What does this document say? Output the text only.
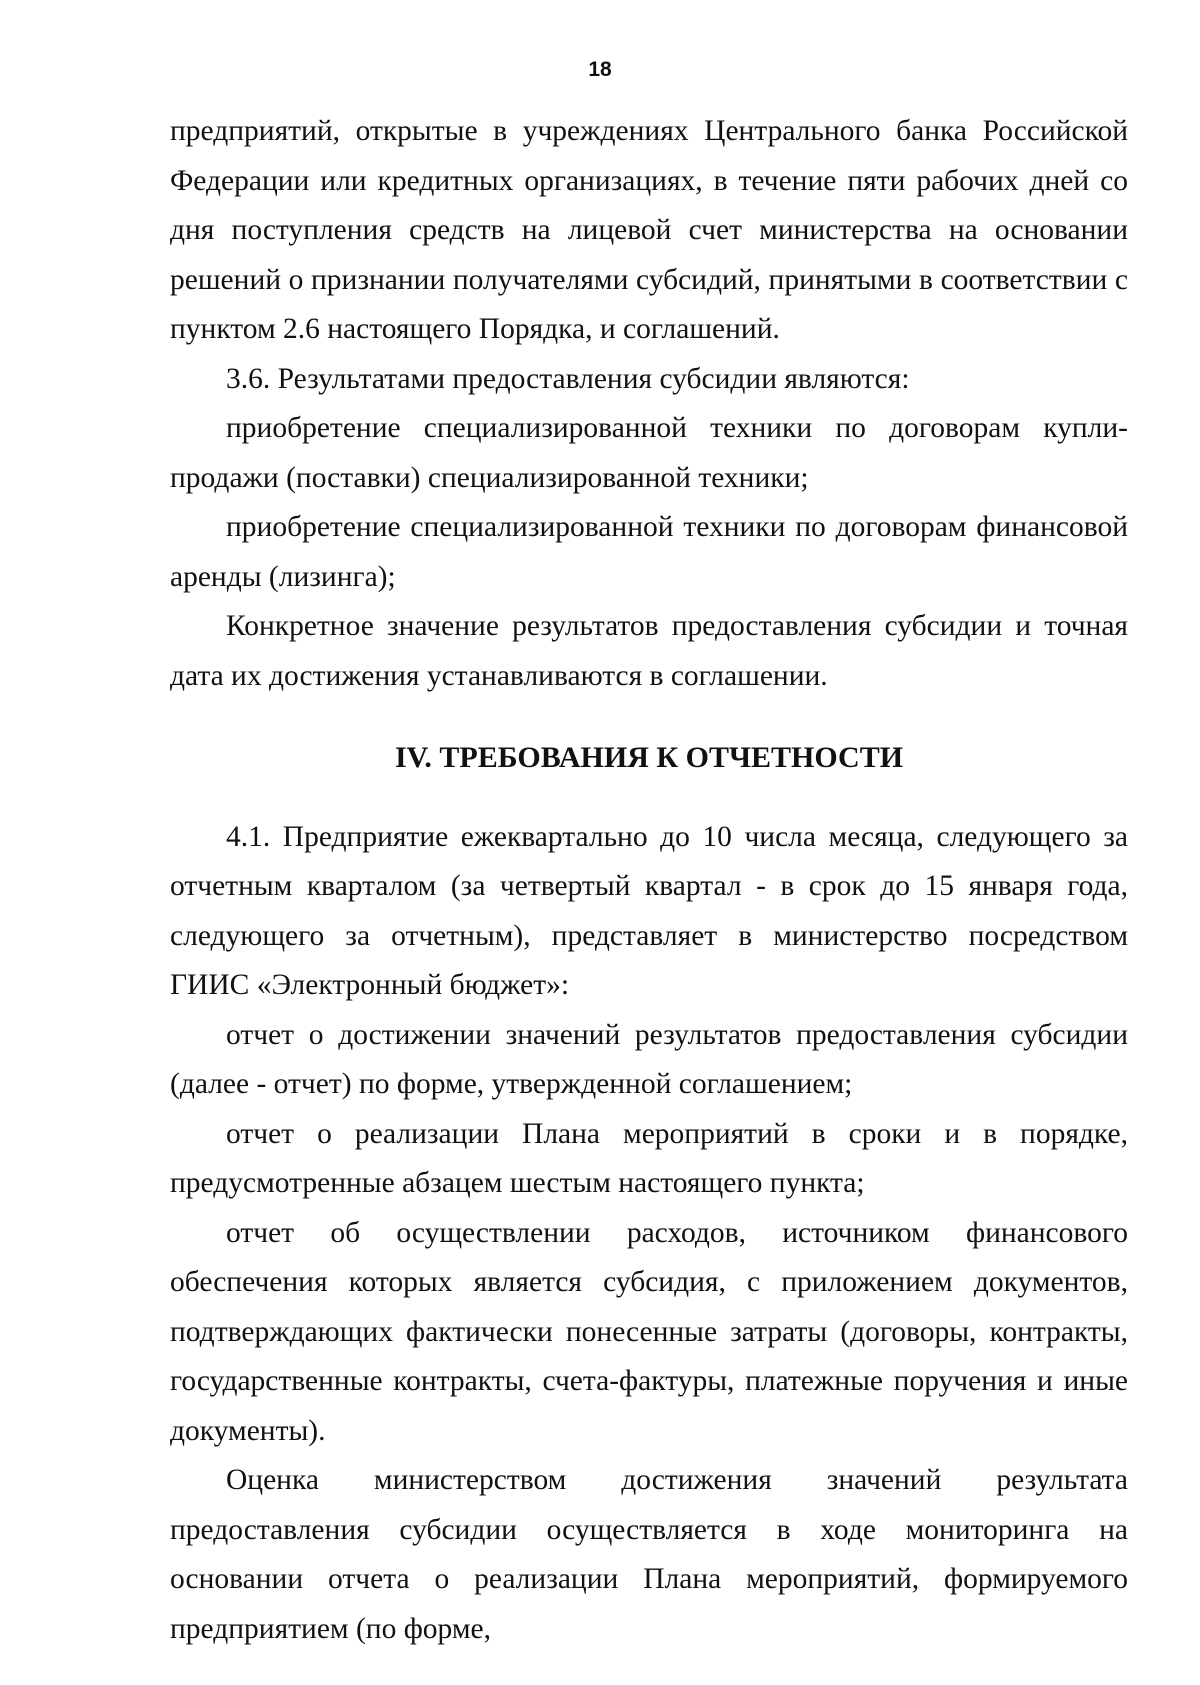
18

предприятий, открытые в учреждениях Центрального банка Российской Федерации или кредитных организациях, в течение пяти рабочих дней со дня поступления средств на лицевой счет министерства на основании решений о признании получателями субсидий, принятыми в соответствии с пунктом 2.6 настоящего Порядка, и соглашений.

3.6. Результатами предоставления субсидии являются:

приобретение специализированной техники по договорам купли-продажи (поставки) специализированной техники;

приобретение специализированной техники по договорам финансовой аренды (лизинга);

Конкретное значение результатов предоставления субсидии и точная дата их достижения устанавливаются в соглашении.

IV. ТРЕБОВАНИЯ К ОТЧЕТНОСТИ

4.1. Предприятие ежеквартально до 10 числа месяца, следующего за отчетным кварталом (за четвертый квартал - в срок до 15 января года, следующего за отчетным), представляет в министерство посредством ГИИС «Электронный бюджет»:

отчет о достижении значений результатов предоставления субсидии (далее - отчет) по форме, утвержденной соглашением;

отчет о реализации Плана мероприятий в сроки и в порядке, предусмотренные абзацем шестым настоящего пункта;

отчет об осуществлении расходов, источником финансового обеспечения которых является субсидия, с приложением документов, подтверждающих фактически понесенные затраты (договоры, контракты, государственные контракты, счета-фактуры, платежные поручения и иные документы).

Оценка министерством достижения значений результата предоставления субсидии осуществляется в ходе мониторинга на основании отчета о реализации Плана мероприятий, формируемого предприятием (по форме,
